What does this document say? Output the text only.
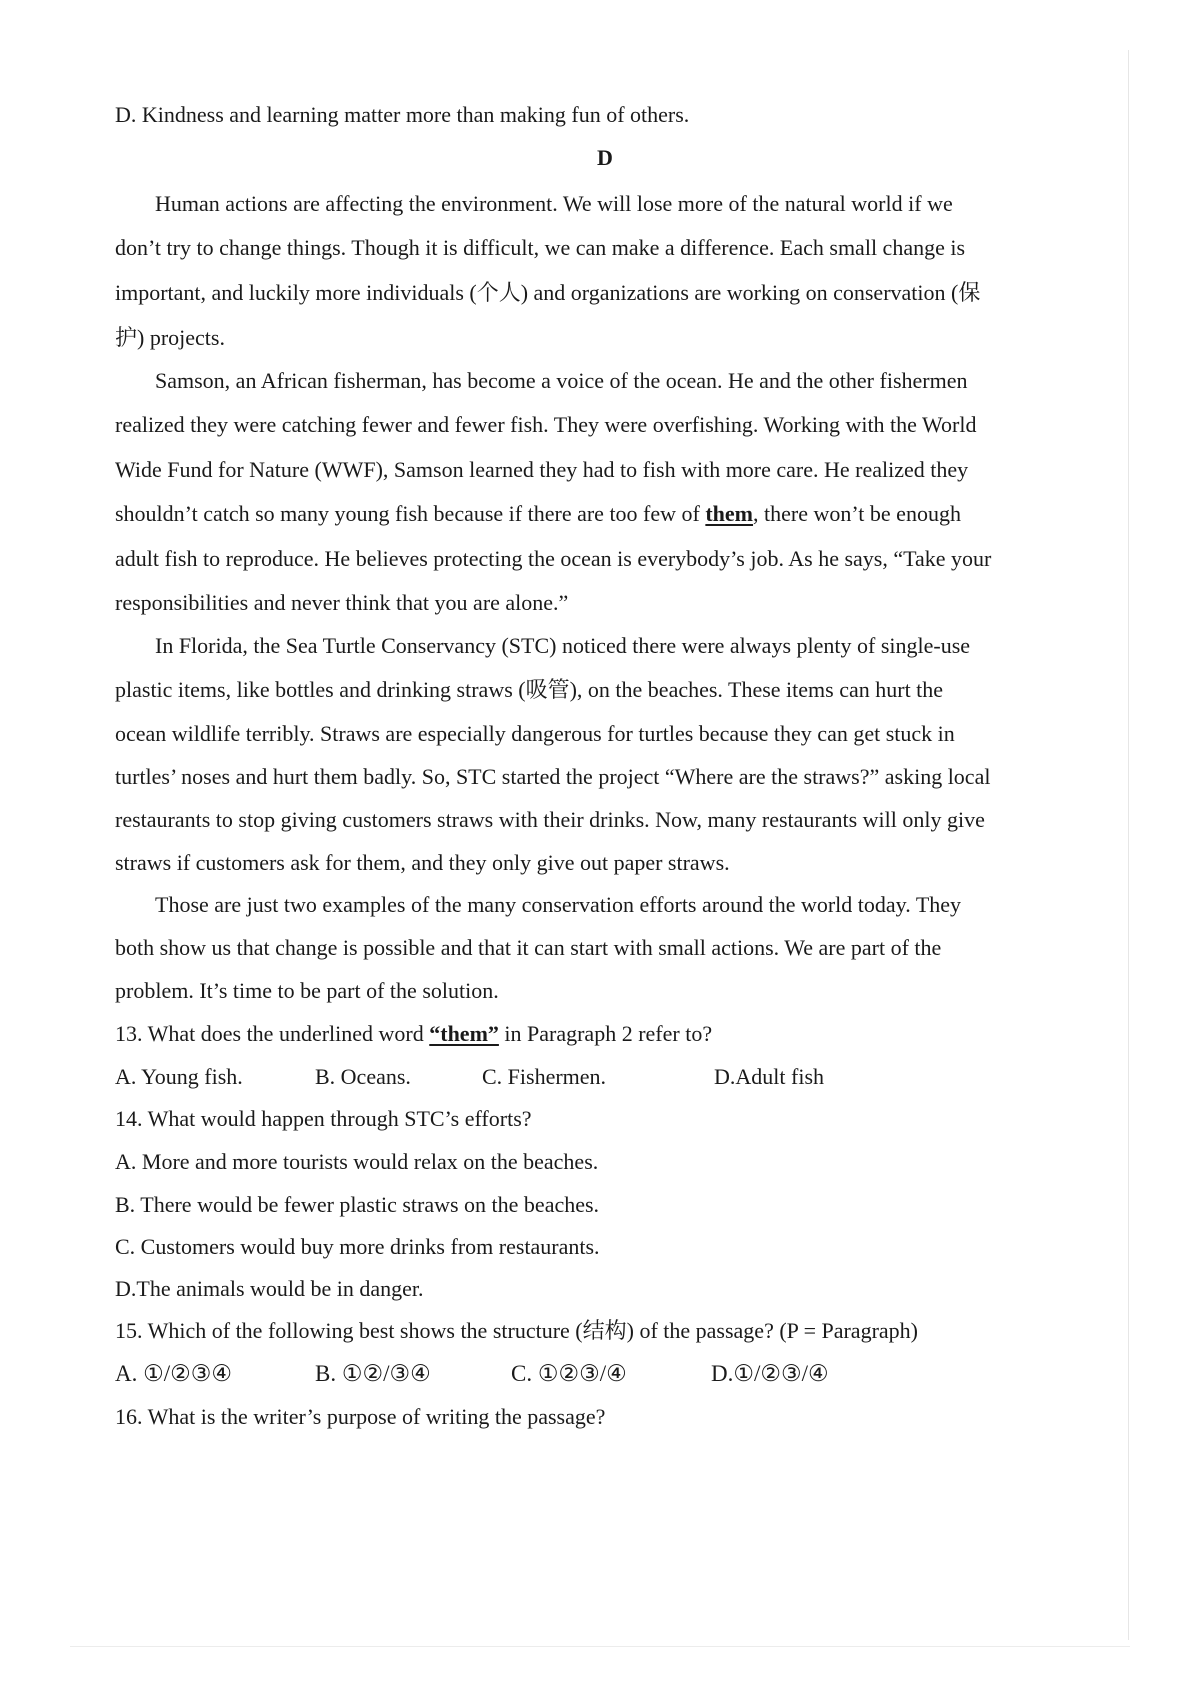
D. Kindness and learning matter more than making fun of others.
D
Human actions are affecting the environment. We will lose more of the natural world if we
don’t try to change things. Though it is difficult, we can make a difference. Each small change is
important, and luckily more individuals (个人) and organizations are working on conservation (保
护) projects.
Samson, an African fisherman, has become a voice of the ocean. He and the other fishermen
realized they were catching fewer and fewer fish. They were overfishing. Working with the World
Wide Fund for Nature (WWF), Samson learned they had to fish with more care. He realized they
shouldn’t catch so many young fish because if there are too few of them, there won’t be enough
adult fish to reproduce. He believes protecting the ocean is everybody’s job. As he says, “Take your
responsibilities and never think that you are alone.”
In Florida, the Sea Turtle Conservancy (STC) noticed there were always plenty of single-use
plastic items, like bottles and drinking straws (吸管), on the beaches. These items can hurt the
ocean wildlife terribly. Straws are especially dangerous for turtles because they can get stuck in
turtles’ noses and hurt them badly. So, STC started the project “Where are the straws?” asking local
restaurants to stop giving customers straws with their drinks. Now, many restaurants will only give
straws if customers ask for them, and they only give out paper straws.
Those are just two examples of the many conservation efforts around the world today. They
both show us that change is possible and that it can start with small actions. We are part of the
problem. It’s time to be part of the solution.
13. What does the underlined word “them” in Paragraph 2 refer to?
A. Young fish.	B. Oceans.	C. Fishermen.	D.Adult fish
14. What would happen through STC’s efforts?
A. More and more tourists would relax on the beaches.
B. There would be fewer plastic straws on the beaches.
C. Customers would buy more drinks from restaurants.
D.The animals would be in danger.
15. Which of the following best shows the structure (结构) of the passage? (P = Paragraph)
A. ①/②③④	B. ①②/③④	C. ①②③/④	D.①/②③/④
16. What is the writer’s purpose of writing the passage?
